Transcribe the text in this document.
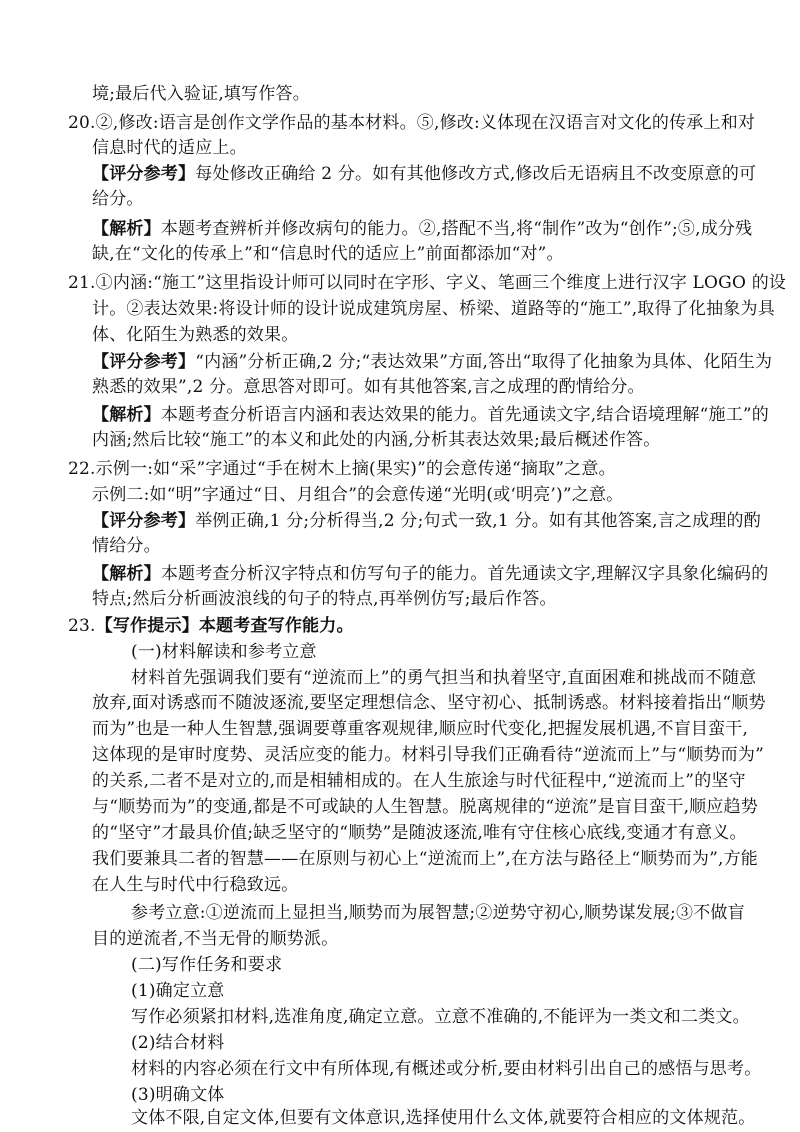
境;最后代入验证,填写作答。
20.②,修改:语言是创作文学作品的基本材料。⑤,修改:义体现在汉语言对文化的传承上和对
信息时代的适应上。
【评分参考】每处修改正确给 2 分。如有其他修改方式,修改后无语病且不改变原意的可
给分。
【解析】本题考查辨析并修改病句的能力。②,搭配不当,将“制作”改为“创作”;⑤,成分残
缺,在“文化的传承上”和“信息时代的适应上”前面都添加“对”。
21.①内涵:“施工”这里指设计师可以同时在字形、字义、笔画三个维度上进行汉字 LOGO 的设
计。②表达效果:将设计师的设计说成建筑房屋、桥梁、道路等的“施工”,取得了化抽象为具
体、化陌生为熟悉的效果。
【评分参考】“内涵”分析正确,2 分;“表达效果”方面,答出“取得了化抽象为具体、化陌生为
熟悉的效果”,2 分。意思答对即可。如有其他答案,言之成理的酌情给分。
【解析】本题考查分析语言内涵和表达效果的能力。首先通读文字,结合语境理解“施工”的
内涵;然后比较“施工”的本义和此处的内涵,分析其表达效果;最后概述作答。
22.示例一:如“采”字通过“手在树木上摘(果实)”的会意传递“摘取”之意。
示例二:如“明”字通过“日、月组合”的会意传递“光明(或‘明亮’)”之意。
【评分参考】举例正确,1 分;分析得当,2 分;句式一致,1 分。如有其他答案,言之成理的酌
情给分。
【解析】本题考查分析汉字特点和仿写句子的能力。首先通读文字,理解汉字具象化编码的
特点;然后分析画波浪线的句子的特点,再举例仿写;最后作答。
23.【写作提示】本题考查写作能力。
(一)材料解读和参考立意
材料首先强调我们要有“逆流而上”的勇气担当和执着坚守,直面困难和挑战而不随意
放弃,面对诱惑而不随波逐流,要坚定理想信念、坚守初心、抵制诱惑。材料接着指出“顺势
而为”也是一种人生智慧,强调要尊重客观规律,顺应时代变化,把握发展机遇,不盲目蛮干,
这体现的是审时度势、灵活应变的能力。材料引导我们正确看待“逆流而上”与“顺势而为”
的关系,二者不是对立的,而是相辅相成的。在人生旅途与时代征程中,“逆流而上”的坚守
与“顺势而为”的变通,都是不可或缺的人生智慧。脱离规律的“逆流”是盲目蛮干,顺应趋势
的“坚守”才最具价值;缺乏坚守的“顺势”是随波逐流,唯有守住核心底线,变通才有意义。
我们要兼具二者的智慧——在原则与初心上“逆流而上”,在方法与路径上“顺势而为”,方能
在人生与时代中行稳致远。
参考立意:①逆流而上显担当,顺势而为展智慧;②逆势守初心,顺势谋发展;③不做盲
目的逆流者,不当无骨的顺势派。
(二)写作任务和要求
(1)确定立意
写作必须紧扣材料,选准角度,确定立意。立意不准确的,不能评为一类文和二类文。
(2)结合材料
材料的内容必须在行文中有所体现,有概述或分析,要由材料引出自己的感悟与思考。
(3)明确文体
文体不限,自定文体,但要有文体意识,选择使用什么文体,就要符合相应的文体规范。
